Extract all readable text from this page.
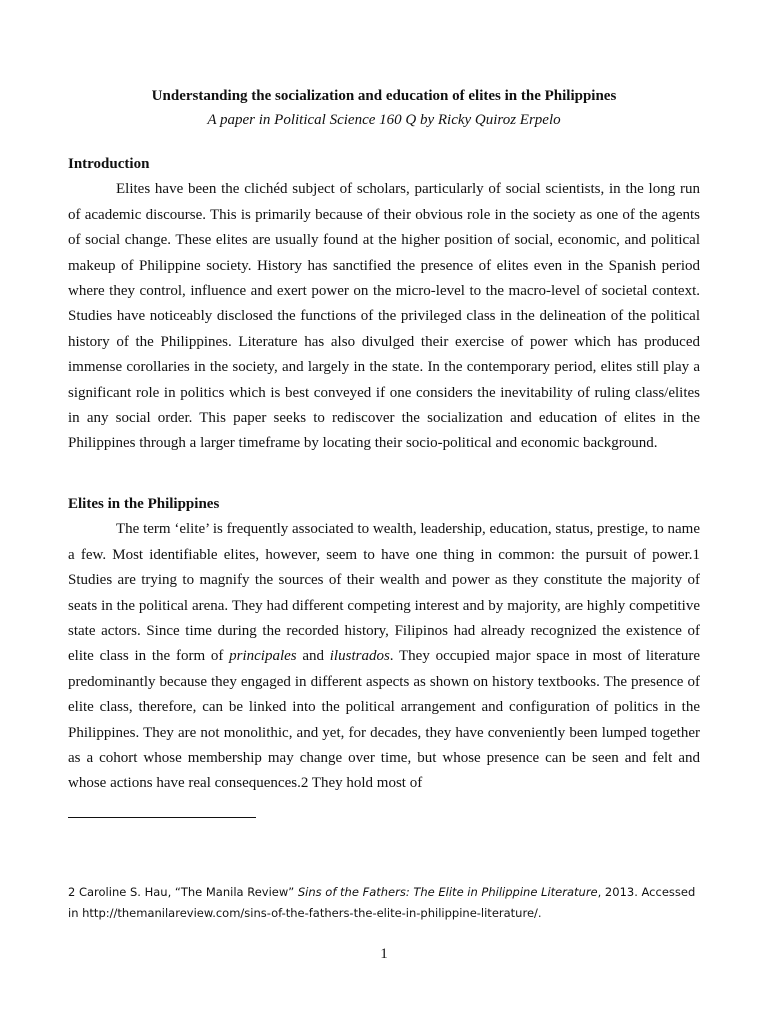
Understanding the socialization and education of elites in the Philippines
A paper in Political Science 160 Q by Ricky Quiroz Erpelo

Introduction

Elites have been the clichéd subject of scholars, particularly of social scientists, in the long run of academic discourse. This is primarily because of their obvious role in the society as one of the agents of social change. These elites are usually found at the higher position of social, economic, and political makeup of Philippine society. History has sanctified the presence of elites even in the Spanish period where they control, influence and exert power on the micro-level to the macro-level of societal context. Studies have noticeably disclosed the functions of the privileged class in the delineation of the political history of the Philippines. Literature has also divulged their exercise of power which has produced immense corollaries in the society, and largely in the state. In the contemporary period, elites still play a significant role in politics which is best conveyed if one considers the inevitability of ruling class/elites in any social order. This paper seeks to rediscover the socialization and education of elites in the Philippines through a larger timeframe by locating their socio-political and economic background.

Elites in the Philippines

The term ‘elite’ is frequently associated to wealth, leadership, education, status, prestige, to name a few. Most identifiable elites, however, seem to have one thing in common: the pursuit of power.1 Studies are trying to magnify the sources of their wealth and power as they constitute the majority of seats in the political arena. They had different competing interest and by majority, are highly competitive state actors. Since time during the recorded history, Filipinos had already recognized the existence of elite class in the form of principales and ilustrados. They occupied major space in most of literature predominantly because they engaged in different aspects as shown on history textbooks. The presence of elite class, therefore, can be linked into the political arrangement and configuration of politics in the Philippines. They are not monolithic, and yet, for decades, they have conveniently been lumped together as a cohort whose membership may change over time, but whose presence can be seen and felt and whose actions have real consequences.2 They hold most of

2 Caroline S. Hau, “The Manila Review” Sins of the Fathers: The Elite in Philippine Literature, 2013. Accessed in http://themanilareview.com/sins-of-the-fathers-the-elite-in-philippine-literature/.
1
